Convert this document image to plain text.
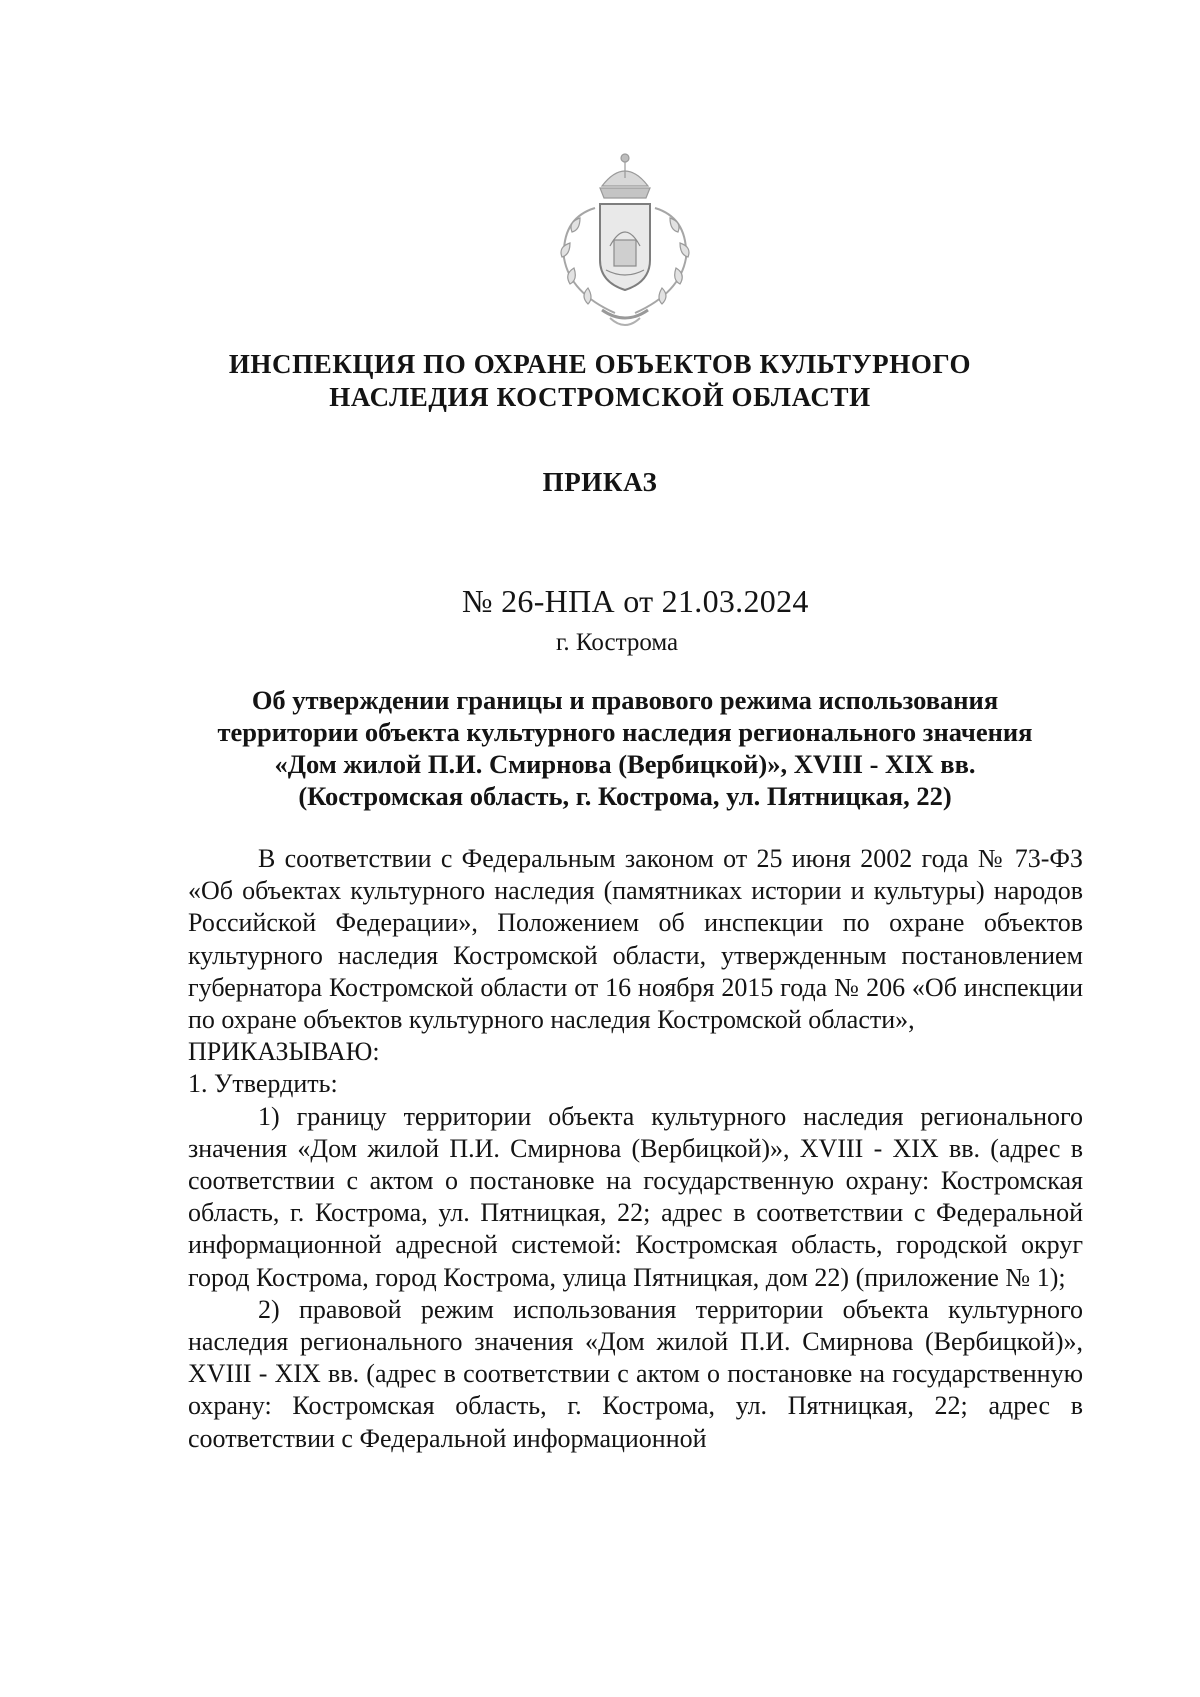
ИНСПЕКЦИЯ ПО ОХРАНЕ ОБЪЕКТОВ КУЛЬТУРНОГО
НАСЛЕДИЯ КОСТРОМСКОЙ ОБЛАСТИ
ПРИКАЗ
№ 26-НПА от 21.03.2024
г. Кострома
Об утверждении границы и правового режима использования
территории объекта культурного наследия регионального значения
«Дом жилой П.И. Смирнова (Вербицкой)», XVIII - XIX вв.
(Костромская область, г. Кострома, ул. Пятницкая, 22)

В соответствии с Федеральным законом от 25 июня 2002 года № 73-ФЗ «Об объектах культурного наследия (памятниках истории и культуры) народов Российской Федерации», Положением об инспекции по охране объектов культурного наследия Костромской области, утвержденным постановлением губернатора Костромской области от 16 ноября 2015 года № 206 «Об инспекции по охране объектов культурного наследия Костромской области»,

ПРИКАЗЫВАЮ:

1. Утвердить:

1) границу территории объекта культурного наследия регионального значения «Дом жилой П.И. Смирнова (Вербицкой)», XVIII - XIX вв. (адрес в соответствии с актом о постановке на государственную охрану: Костромская область, г. Кострома, ул. Пятницкая, 22; адрес в соответствии с Федеральной информационной адресной системой: Костромская область, городской округ город Кострома, город Кострома, улица Пятницкая, дом 22) (приложение № 1);

2) правовой режим использования территории объекта культурного наследия регионального значения «Дом жилой П.И. Смирнова (Вербицкой)», XVIII - XIX вв. (адрес в соответствии с актом о постановке на государственную охрану: Костромская область, г. Кострома, ул. Пятницкая, 22; адрес в соответствии с Федеральной информационной
